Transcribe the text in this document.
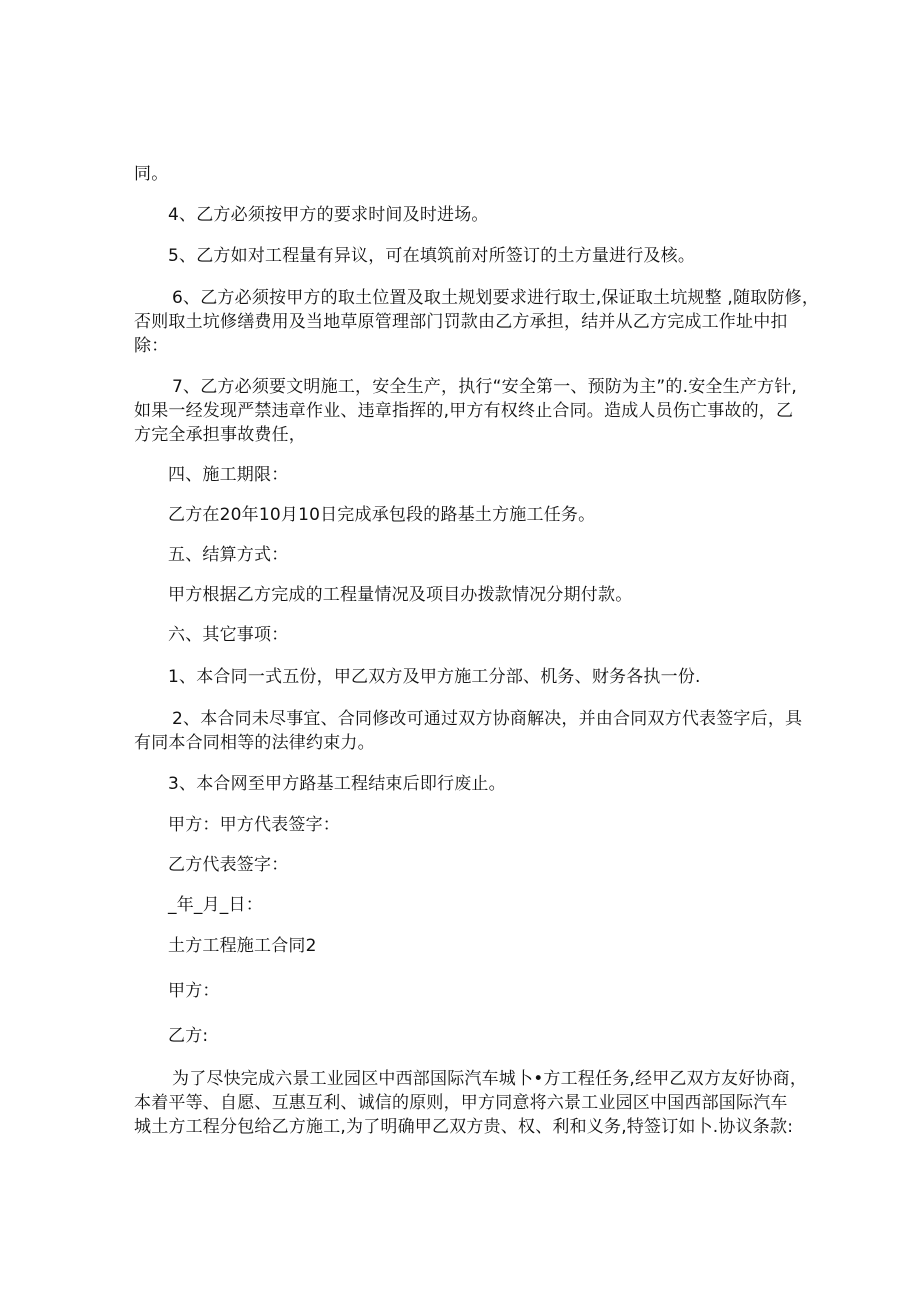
同。
4、乙方必须按甲方的要求时间及时进场。
5、乙方如对工程量有异议，可在填筑前对所签订的土方量进行及核。
6、乙方必须按甲方的取土位置及取土规划要求进行取士,保证取土坑规整 ,随取防修，
否则取土坑修缮费用及当地草原管理部门罚款由乙方承担，结并从乙方完成工作址中扣
除：
7、乙方必须要文明施工，安全生产，执行“安全第一、预防为主”的.安全生产方针,
如果一经发现严禁违章作业、违章指挥的,甲方有权终止合同。造成人员伤亡事故的，乙
方完全承担事故费任，
四、施工期限：
乙方在20年10月10日完成承包段的路基土方施工任务。
五、结算方式：
甲方根据乙方完成的工程量情况及项目办拨款情况分期付款。
六、其它事项：
1、本合同一式五份，甲乙双方及甲方施工分部、机务、财务各执一份.
2、本合同未尽事宜、合同修改可通过双方协商解决，并由合同双方代表签字后，具
有同本合同相等的法律约束力。
3、本合网至甲方路基工程结束后即行废止。
甲方：甲方代表签字：
乙方代表签字：
_年_月_日：
土方工程施工合同2
甲方：
乙方:
为了尽快完成六景工业园区中西部国际汽车城卜•方工程任务,经甲乙双方友好协商，
本着平等、自愿、互惠互利、诚信的原则，甲方同意将六景工业园区中国西部国际汽车
城土方工程分包给乙方施工,为了明确甲乙双方贵、权、利和义务,特签订如卜.协议条款:
